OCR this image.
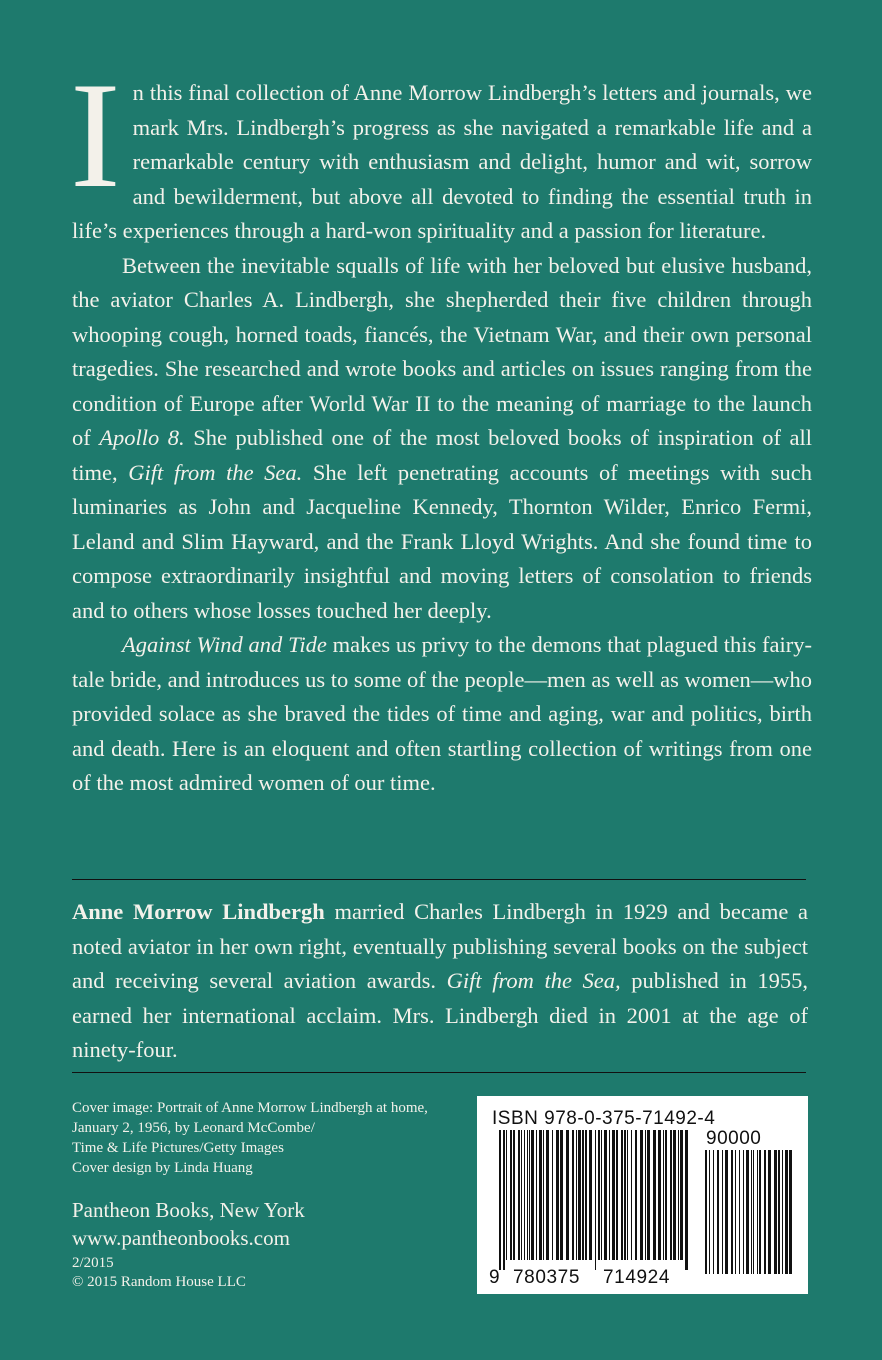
In this final collection of Anne Morrow Lindbergh’s letters and journals, we mark Mrs. Lindbergh’s progress as she navigated a remarkable life and a remarkable century with enthusiasm and delight, humor and wit, sorrow and bewilderment, but above all devoted to finding the essential truth in life’s experiences through a hard-won spirituality and a passion for literature.

Between the inevitable squalls of life with her beloved but elusive husband, the aviator Charles A. Lindbergh, she shepherded their five children through whooping cough, horned toads, fiancés, the Vietnam War, and their own personal tragedies. She researched and wrote books and articles on issues ranging from the condition of Europe after World War II to the meaning of marriage to the launch of Apollo 8. She published one of the most beloved books of inspiration of all time, Gift from the Sea. She left penetrating accounts of meetings with such luminaries as John and Jacqueline Kennedy, Thornton Wilder, Enrico Fermi, Leland and Slim Hayward, and the Frank Lloyd Wrights. And she found time to compose extraordinarily insightful and moving letters of consolation to friends and to others whose losses touched her deeply.

Against Wind and Tide makes us privy to the demons that plagued this fairy-tale bride, and introduces us to some of the people—men as well as women—who provided solace as she braved the tides of time and aging, war and politics, birth and death. Here is an eloquent and often startling collection of writings from one of the most admired women of our time.

Anne Morrow Lindbergh married Charles Lindbergh in 1929 and became a noted aviator in her own right, eventually publishing several books on the subject and receiving several aviation awards. Gift from the Sea, published in 1955, earned her international acclaim. Mrs. Lindbergh died in 2001 at the age of ninety-four.

Cover image: Portrait of Anne Morrow Lindbergh at home,
January 2, 1956, by Leonard McCombe/
Time & Life Pictures/Getty Images
Cover design by Linda Huang
Pantheon Books, New York
www.pantheonbooks.com
2/2015
© 2015 Random House LLC
ISBN 978-0-375-71492-4
90000
9 780375 714924
